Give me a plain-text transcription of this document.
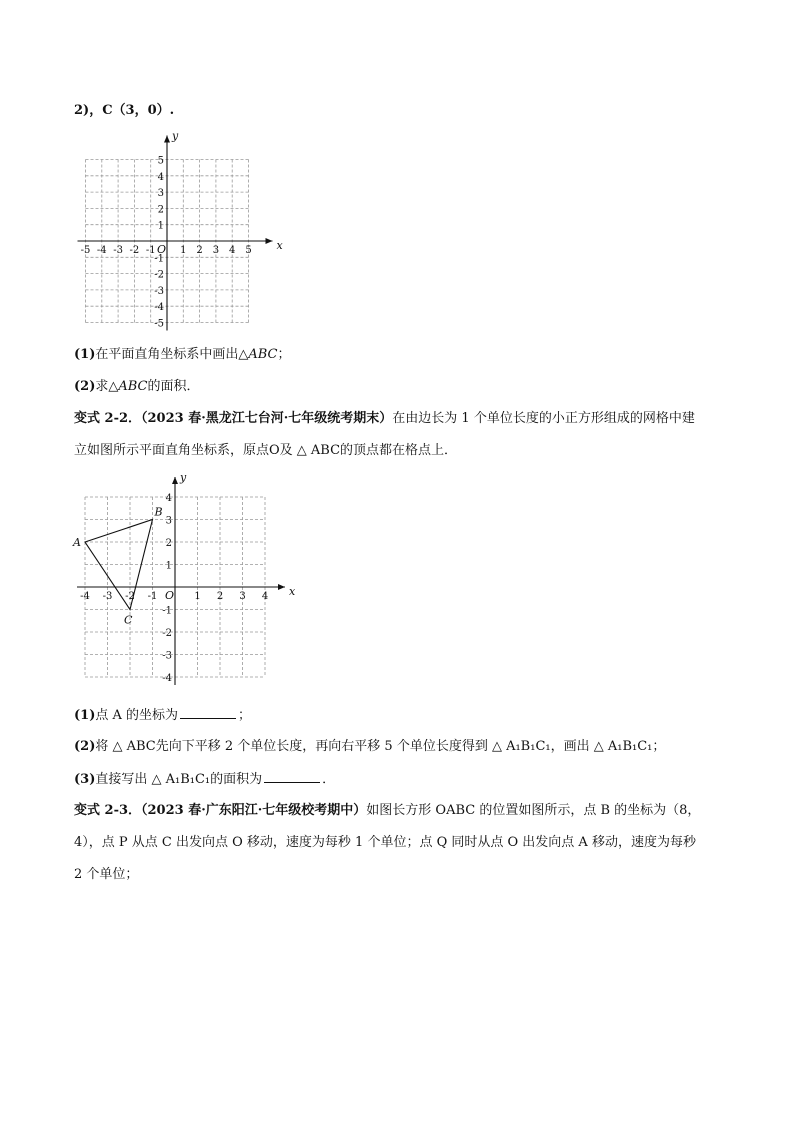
2)，C（3，0）.
x
y
O
-5 -4 -3 -2 -1 1 2 3 4 5
5
4
3
2
1
-1
-2
-3
-4
-5
(1)在平面直角坐标系中画出△ABC；
(2)求△ABC的面积．
变式 2-2．（2023 春·黑龙江七台河·七年级统考期末）在由边长为 1 个单位长度的小正方形组成的网格中建
立如图所示平面直角坐标系，原点O及 △ ABC的顶点都在格点上．
x
y
O
-4 -3 -2 -1	1 2 3 4
4
3
2
1
-1
-2
-3
-4
A
B
C
(1)点 A 的坐标为	；
(2)将 △ ABC先向下平移 2 个单位长度，再向右平移 5 个单位长度得到 △ A₁B₁C₁，画出 △ A₁B₁C₁；
(3)直接写出 △ A₁B₁C₁的面积为	．
变式 2-3．（2023 春·广东阳江·七年级校考期中）如图长方形 OABC 的位置如图所示，点 B 的坐标为（8，
4），点 P 从点 C 出发向点 O 移动，速度为每秒 1 个单位；点 Q 同时从点 O 出发向点 A 移动，速度为每秒
2 个单位；
